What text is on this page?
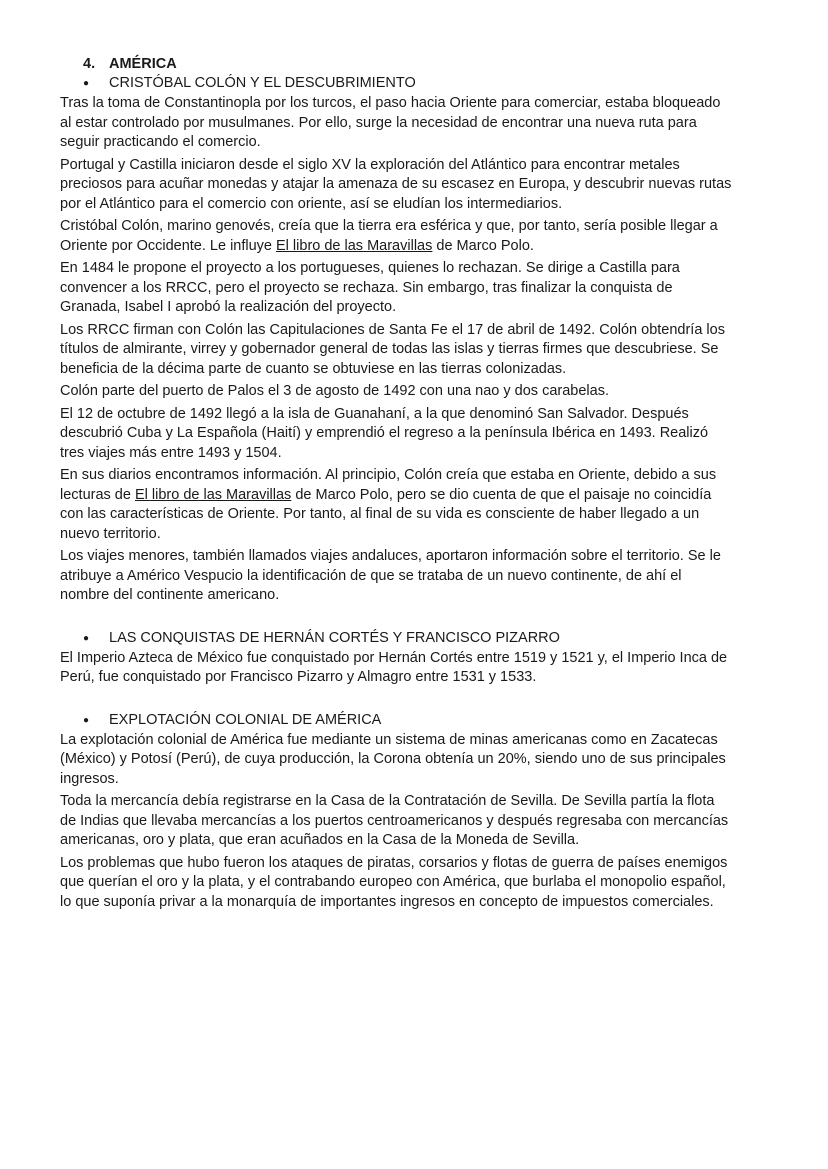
4. AMÉRICA
●
CRISTÓBAL COLÓN Y EL DESCUBRIMIENTO

Tras la toma de Constantinopla por los turcos, el paso hacia Oriente para comerciar, estaba bloqueado
al estar controlado por musulmanes. Por ello, surge la necesidad de encontrar una nueva ruta para
seguir practicando el comercio.

Portugal y Castilla iniciaron desde el siglo XV la exploración del Atlántico para encontrar metales
preciosos para acuñar monedas y atajar la amenaza de su escasez en Europa, y descubrir nuevas rutas
por el Atlántico para el comercio con oriente, así se eludían los intermediarios.

Cristóbal Colón, marino genovés, creía que la tierra era esférica y que, por tanto, sería posible llegar a
Oriente por Occidente. Le influye El libro de las Maravillas de Marco Polo.

En 1484 le propone el proyecto a los portugueses, quienes lo rechazan. Se dirige a Castilla para
convencer a los RRCC, pero el proyecto se rechaza. Sin embargo, tras finalizar la conquista de
Granada, Isabel I aprobó la realización del proyecto.

Los RRCC firman con Colón las Capitulaciones de Santa Fe el 17 de abril de 1492. Colón obtendría los
títulos de almirante, virrey y gobernador general de todas las islas y tierras firmes que descubriese. Se
beneficia de la décima parte de cuanto se obtuviese en las tierras colonizadas.

Colón parte del puerto de Palos el 3 de agosto de 1492 con una nao y dos carabelas.

El 12 de octubre de 1492 llegó a la isla de Guanahaní, a la que denominó San Salvador. Después
descubrió Cuba y La Española (Haití) y emprendió el regreso a la península Ibérica en 1493. Realizó
tres viajes más entre 1493 y 1504.

En sus diarios encontramos información. Al principio, Colón creía que estaba en Oriente, debido a sus
lecturas de El libro de las Maravillas de Marco Polo, pero se dio cuenta de que el paisaje no coincidía
con las características de Oriente. Por tanto, al final de su vida es consciente de haber llegado a un
nuevo territorio.

Los viajes menores, también llamados viajes andaluces, aportaron información sobre el territorio. Se le
atribuye a Américo Vespucio la identificación de que se trataba de un nuevo continente, de ahí el
nombre del continente americano.

●
LAS CONQUISTAS DE HERNÁN CORTÉS Y FRANCISCO PIZARRO

El Imperio Azteca de México fue conquistado por Hernán Cortés entre 1519 y 1521 y, el Imperio Inca de
Perú, fue conquistado por Francisco Pizarro y Almagro entre 1531 y 1533.

●
EXPLOTACIÓN COLONIAL DE AMÉRICA

La explotación colonial de América fue mediante un sistema de minas americanas como en Zacatecas
(México) y Potosí (Perú), de cuya producción, la Corona obtenía un 20%, siendo uno de sus principales
ingresos.

Toda la mercancía debía registrarse en la Casa de la Contratación de Sevilla. De Sevilla partía la flota
de Indias que llevaba mercancías a los puertos centroamericanos y después regresaba con mercancías
americanas, oro y plata, que eran acuñados en la Casa de la Moneda de Sevilla.

Los problemas que hubo fueron los ataques de piratas, corsarios y flotas de guerra de países enemigos
que querían el oro y la plata, y el contrabando europeo con América, que burlaba el monopolio español,
lo que suponía privar a la monarquía de importantes ingresos en concepto de impuestos comerciales.
